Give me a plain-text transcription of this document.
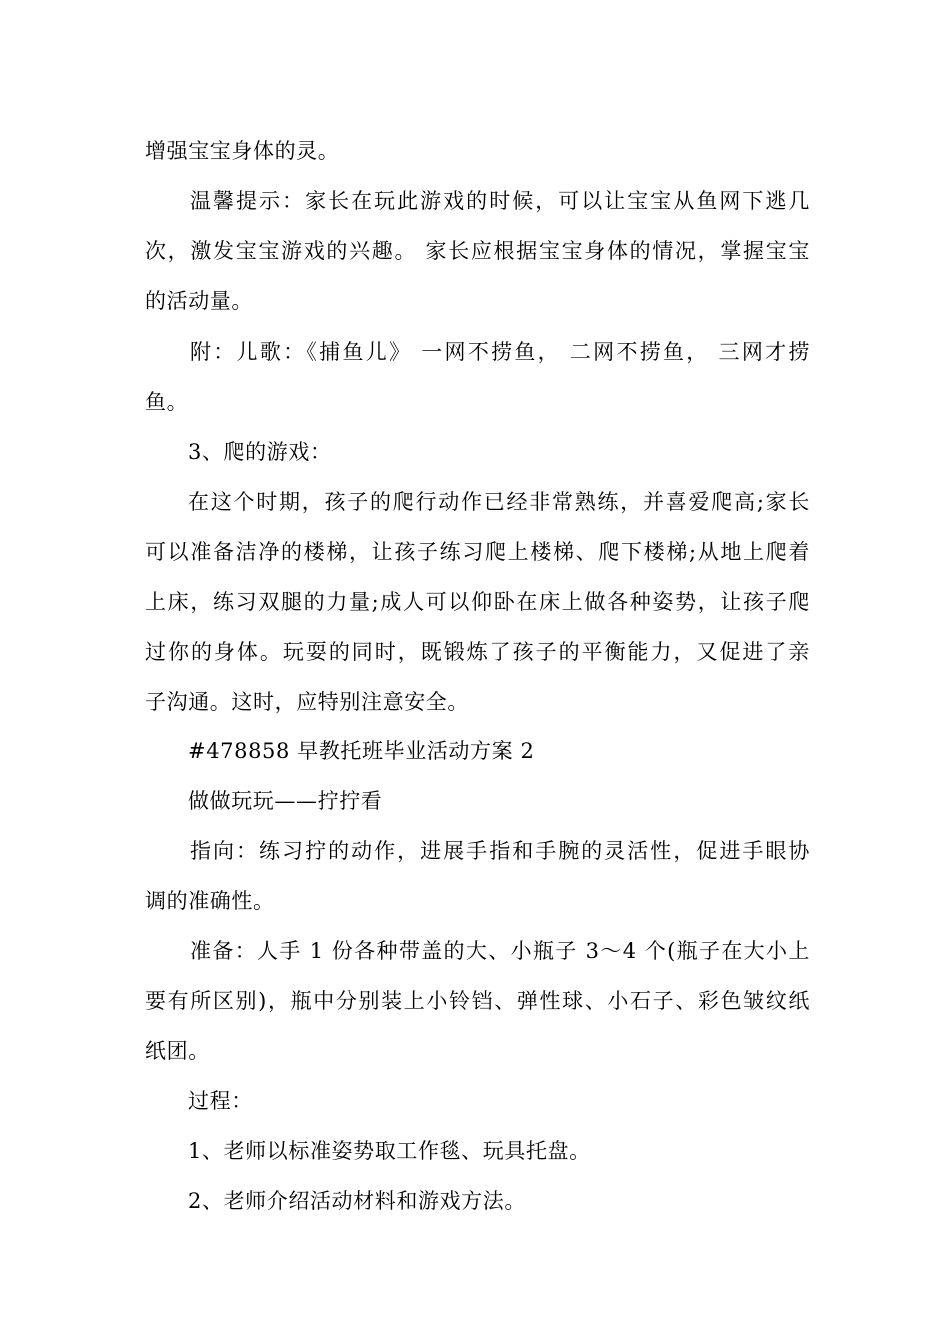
增强宝宝身体的灵。
温馨提示：家长在玩此游戏的时候，可以让宝宝从鱼网下逃几
次，激发宝宝游戏的兴趣。 家长应根据宝宝身体的情况，掌握宝宝
的活动量。
附：儿歌：《捕鱼儿》 一网不捞鱼， 二网不捞鱼， 三网才捞
鱼。
3、爬的游戏：
在这个时期，孩子的爬行动作已经非常熟练，并喜爱爬高;家长
可以准备洁净的楼梯，让孩子练习爬上楼梯、爬下楼梯;从地上爬着
上床，练习双腿的力量;成人可以仰卧在床上做各种姿势，让孩子爬
过你的身体。玩耍的同时，既锻炼了孩子的平衡能力，又促进了亲
子沟通。这时，应特别注意安全。
#478858 早教托班毕业活动方案 2
做做玩玩——拧拧看
指向：练习拧的动作，进展手指和手腕的灵活性，促进手眼协
调的准确性。
准备：人手 1 份各种带盖的大、小瓶子 3～4 个(瓶子在大小上
要有所区别)，瓶中分别装上小铃铛、弹性球、小石子、彩色皱纹纸
纸团。
过程：
1、老师以标准姿势取工作毯、玩具托盘。
2、老师介绍活动材料和游戏方法。
